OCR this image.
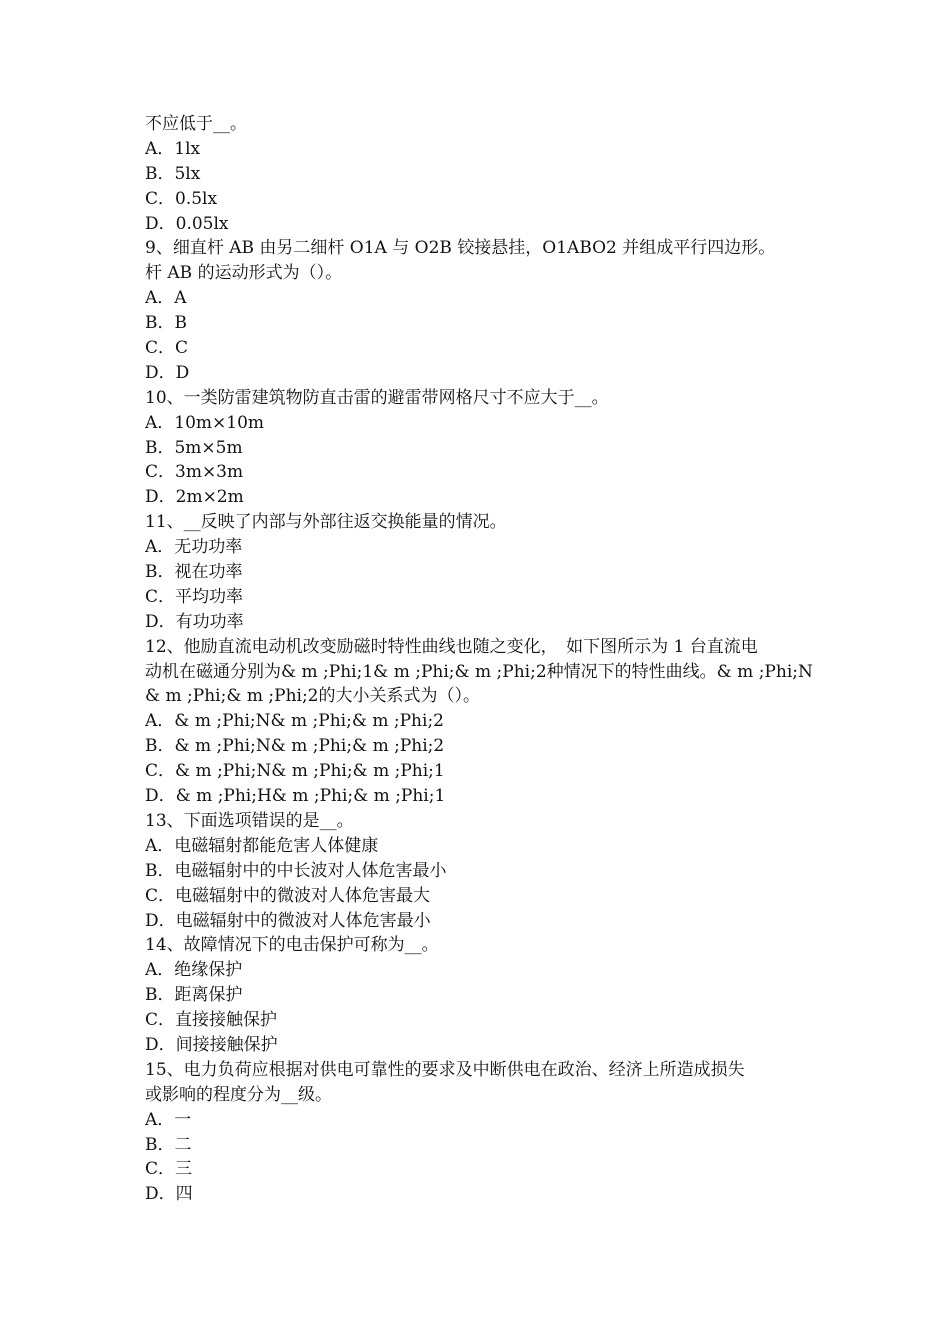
不应低于__。
A．1lx
B．5lx
C．0.5lx
D．0.05lx
9、细直杆 AB 由另二细杆 O1A 与 O2B 铰接悬挂，O1ABO2 并组成平行四边形。
杆 AB 的运动形式为（）。
A．A
B．B
C．C
D．D
10、一类防雷建筑物防直击雷的避雷带网格尺寸不应大于__。
A．10m×10m
B．5m×5m
C．3m×3m
D．2m×2m
11、__反映了内部与外部往返交换能量的情况。
A．无功功率
B．视在功率
C．平均功率
D．有功功率
12、他励直流电动机改变励磁时特性曲线也随之变化，　如下图所示为 1 台直流电
动机在磁通分别为& m ;Phi;1& m ;Phi;& m ;Phi;2种情况下的特性曲线。& m ;Phi;N
& m ;Phi;& m ;Phi;2的大小关系式为（）。
A．& m ;Phi;N& m ;Phi;& m ;Phi;2
B．& m ;Phi;N& m ;Phi;& m ;Phi;2
C．& m ;Phi;N& m ;Phi;& m ;Phi;1
D．& m ;Phi;H& m ;Phi;& m ;Phi;1
13、下面选项错误的是__。
A．电磁辐射都能危害人体健康
B．电磁辐射中的中长波对人体危害最小
C．电磁辐射中的微波对人体危害最大
D．电磁辐射中的微波对人体危害最小
14、故障情况下的电击保护可称为__。
A．绝缘保护
B．距离保护
C．直接接触保护
D．间接接触保护
15、电力负荷应根据对供电可靠性的要求及中断供电在政治、经济上所造成损失
或影响的程度分为__级。
A．一
B．二
C．三
D．四
